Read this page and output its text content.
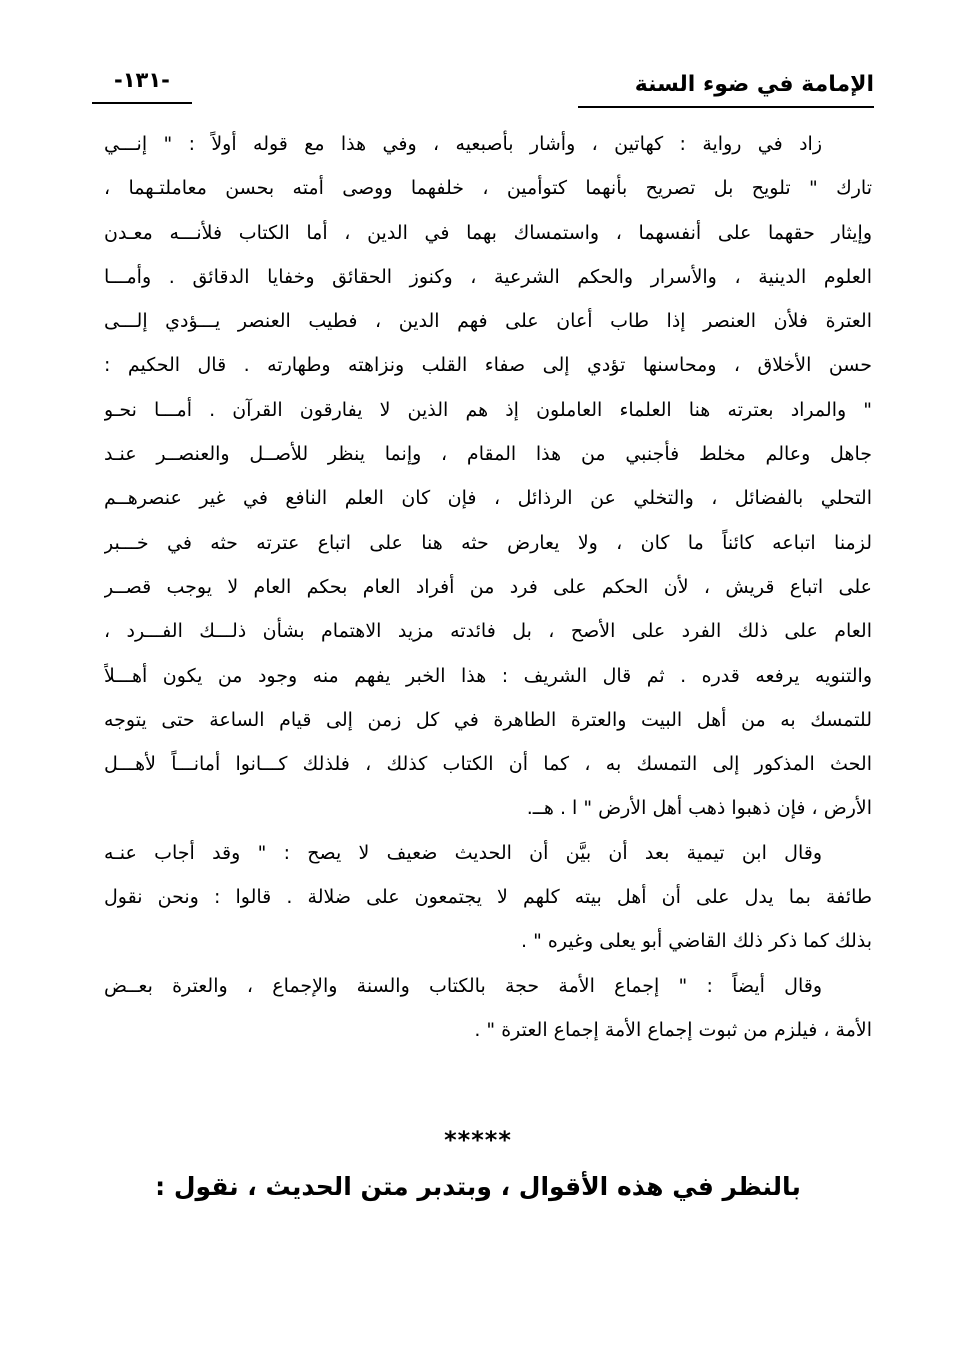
-١٣١-	الإمامة في ضوء السنة
زاد في رواية : كهاتين ، وأشار بأصبعيه ، وفي هذا مع قوله أولاً : " إنـــي
تارك " تلويح بل تصريح بأنهما كتوأمين ، خلفهما ووصى أمته بحسن معاملتـهما ،
وإيثار حقهما على أنفسهما ، واستمساك بهما في الدين ، أما الكتاب فلأنـــه معـدن
العلوم الدينية ، والأسرار والحكم الشرعية ، وكنوز الحقائق وخفايا الدقائق . وأمـــا
العترة فلأن العنصر إذا طاب أعان على فهم الدين ، فطيب العنصر يـــؤدي إلـــى
حسن الأخلاق ، ومحاسنها تؤدي إلى صفاء القلب ونزاهته وطهارته . قال الحكيم :
" والمراد بعترته هنا العلماء العاملون إذ هم الذين لا يفارقون القرآن . أمـــا نحـو
جاهل وعالم مخلط فأجنبي من هذا المقام ، وإنما ينظر للأصــل والعنصــر عنـد
التحلي بالفضائل ، والتخلي عن الرذائل ، فإن كان العلم النافع في غير عنصرهــم
لزمنا اتباعه كائناً ما كان ، ولا يعارض حثه هنا على اتباع عترته حثه في خـــبر
على اتباع قريش ، لأن الحكم على فرد من أفراد العام بحكم العام لا يوجب قصــر
العام على ذلك الفرد على الأصح ، بل فائدته مزيد الاهتمام بشأن ذلـــك الفـــرد ،
والتنويه يرفعه قدره . ثم قال الشريف : هذا الخبر يفهم منه وجود من يكون أهـــلاً
للتمسك به من أهل البيت والعترة الطاهرة في كل زمن إلى قيام الساعة حتى يتوجه
الحث المذكور إلى التمسك به ، كما أن الكتاب كذلك ، فلذلك كـــانوا أمانـــاً لأهـــل
الأرض ، فإن ذهبوا ذهب أهل الأرض " ا . هــ.
وقال ابن تيمية بعد أن بيَّن أن الحديث ضعيف لا يصح : " وقد أجاب عنـه
طائفة بما يدل على أن أهل بيته كلهم لا يجتمعون على ضلالة . قالوا : ونحن نقول
بذلك كما ذكر ذلك القاضي أبو يعلى وغيره " .
وقال أيضاً : " إجماع الأمة حجة بالكتاب والسنة والإجماع ، والعترة بعــض
الأمة ، فيلزم من ثبوت إجماع الأمة إجماع العترة " .
*****
بالنظر في هذه الأقوال ، وبتدبر متن الحديث ، نقول :
